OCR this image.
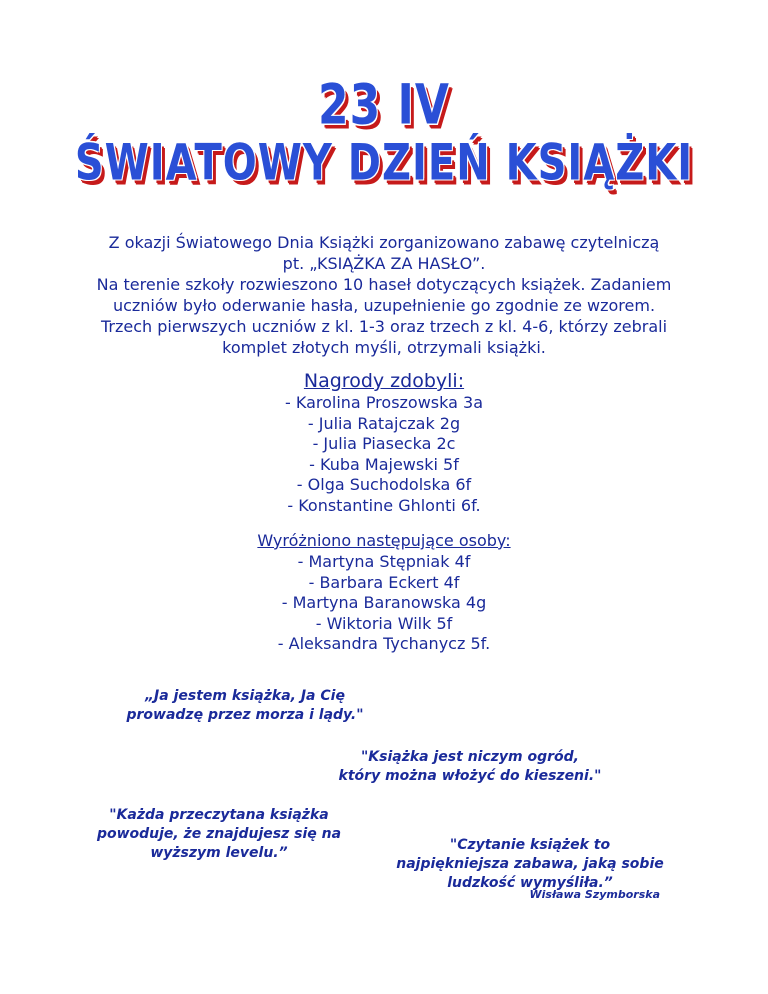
23 IV
ŚWIATOWY DZIEŃ KSIĄŻKI
Z okazji Światowego Dnia Książki zorganizowano zabawę czytelniczą
pt. „KSIĄŻKA ZA HASŁO”.
Na terenie szkoły rozwieszono 10 haseł dotyczących książek. Zadaniem
uczniów było oderwanie hasła, uzupełnienie go zgodnie ze wzorem.
Trzech pierwszych uczniów z kl. 1-3 oraz trzech z kl. 4-6, którzy zebrali
komplet złotych myśli, otrzymali książki.
Nagrody zdobyli:
- Karolina Proszowska 3a
- Julia Ratajczak 2g
- Julia Piasecka 2c
- Kuba Majewski 5f
- Olga Suchodolska 6f
- Konstantine Ghlonti 6f.
Wyróżniono następujące osoby:
- Martyna Stępniak 4f
- Barbara Eckert 4f
- Martyna Baranowska 4g
- Wiktoria Wilk 5f
- Aleksandra Tychanycz 5f.
„Ja jestem książka, Ja Cię
prowadzę przez morza i lądy."
"Książka jest niczym ogród,
który można włożyć do kieszeni."
"Każda przeczytana książka
powoduje, że znajdujesz się na
wyższym levelu.”	"Czytanie książek to
najpiękniejsza zabawa, jaką sobie
ludzkość wymyśliła.”
Wisława Szymborska
